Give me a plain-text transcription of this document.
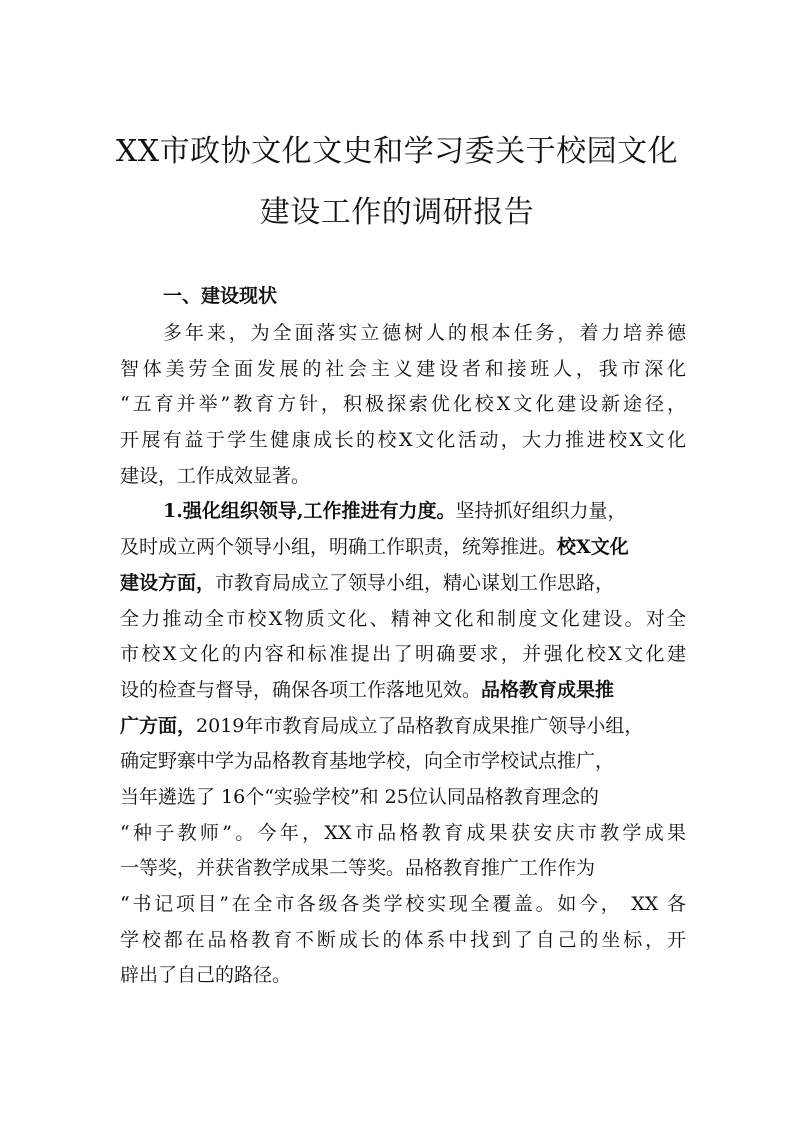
XX市政协文化文史和学习委关于校园文化
建设工作的调研报告
一、建设现状
多年来，为全面落实立德树人的根本任务，着力培养德
智体美劳全面发展的社会主义建设者和接班人，我市深化
“五育并举”教育方针，积极探索优化校X文化建设新途径，
开展有益于学生健康成长的校X文化活动，大力推进校X文化
建设，工作成效显著。
1.强化组织领导,工作推进有力度。坚持抓好组织力量，
及时成立两个领导小组，明确工作职责，统筹推进。校X文化
建设方面，市教育局成立了领导小组，精心谋划工作思路，
全力推动全市校X物质文化、精神文化和制度文化建设。对全
市校X文化的内容和标准提出了明确要求，并强化校X文化建
设的检查与督导，确保各项工作落地见效。品格教育成果推
广方面，2019年市教育局成立了品格教育成果推广领导小组，
确定野寨中学为品格教育基地学校，向全市学校试点推广，
当年遴选了 16个“实验学校”和 25位认同品格教育理念的
“种子教师”。今年，XX市品格教育成果获安庆市教学成果
一等奖，并获省教学成果二等奖。品格教育推广工作作为
“书记项目”在全市各级各类学校实现全覆盖。如今， XX 各
学校都在品格教育不断成长的体系中找到了自己的坐标，开
辟出了自己的路径。
